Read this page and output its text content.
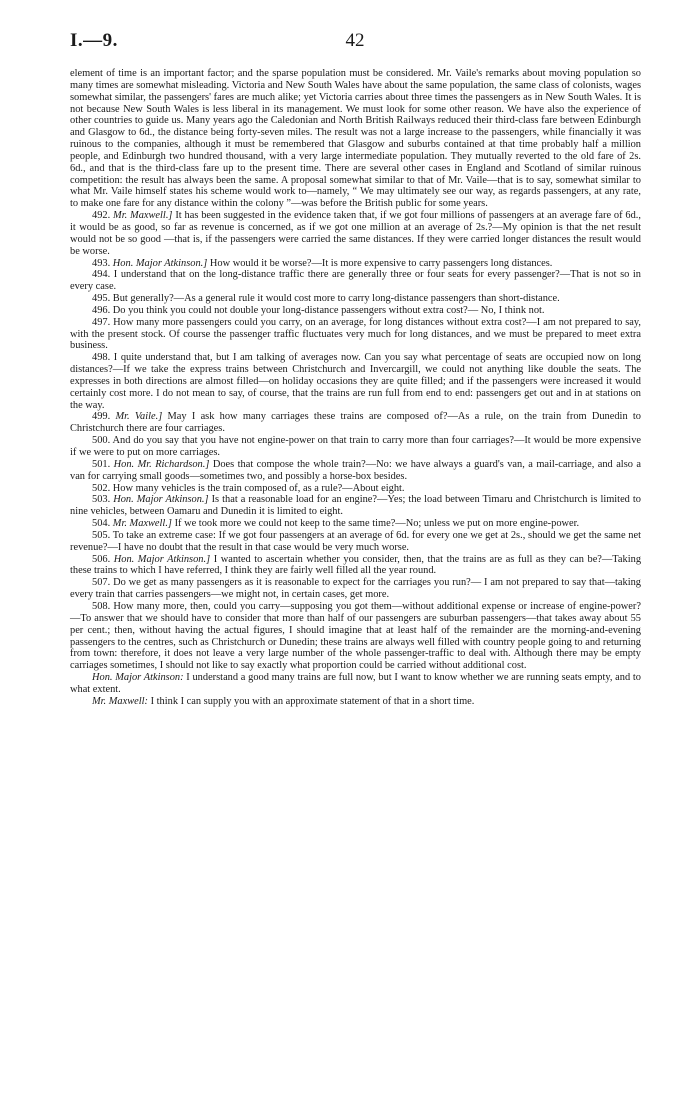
I.—9.	42

element of time is an important factor; and the sparse population must be considered. Mr. Vaile's remarks about moving population so many times are somewhat misleading. Victoria and New South Wales have about the same population, the same class of colonists, wages somewhat similar, the passengers' fares are much alike; yet Victoria carries about three times the passengers as in New South Wales. It is not because New South Wales is less liberal in its management. We must look for some other reason. We have also the experience of other countries to guide us. Many years ago the Caledonian and North British Railways reduced their third-class fare between Edinburgh and Glasgow to 6d., the distance being forty-seven miles. The result was not a large increase to the passengers, while financially it was ruinous to the companies, although it must be remembered that Glasgow and suburbs contained at that time probably half a million people, and Edinburgh two hundred thousand, with a very large intermediate population. They mutually reverted to the old fare of 2s. 6d., and that is the third-class fare up to the present time. There are several other cases in England and Scotland of similar ruinous competition: the result has always been the same. A proposal somewhat similar to that of Mr. Vaile—that is to say, somewhat similar to what Mr. Vaile himself states his scheme would work to—namely, “ We may ultimately see our way, as regards passengers, at any rate, to make one fare for any distance within the colony ”—was before the British public for some years.

492. Mr. Maxwell.] It has been suggested in the evidence taken that, if we got four millions of passengers at an average fare of 6d., it would be as good, so far as revenue is concerned, as if we got one million at an average of 2s.?—My opinion is that the net result would not be so good —that is, if the passengers were carried the same distances. If they were carried longer distances the result would be worse.

493. Hon. Major Atkinson.] How would it be worse?—It is more expensive to carry passengers long distances.

494. I understand that on the long-distance traffic there are generally three or four seats for every passenger?—That is not so in every case.

495. But generally?—As a general rule it would cost more to carry long-distance passengers than short-distance.

496. Do you think you could not double your long-distance passengers without extra cost?— No, I think not.

497. How many more passengers could you carry, on an average, for long distances without extra cost?—I am not prepared to say, with the present stock. Of course the passenger traffic fluctuates very much for long distances, and we must be prepared to meet extra business.

498. I quite understand that, but I am talking of averages now. Can you say what percentage of seats are occupied now on long distances?—If we take the express trains between Christchurch and Invercargill, we could not anything like double the seats. The expresses in both directions are almost filled—on holiday occasions they are quite filled; and if the passengers were increased it would certainly cost more. I do not mean to say, of course, that the trains are run full from end to end: passengers get out and in at stations on the way.

499. Mr. Vaile.] May I ask how many carriages these trains are composed of?—As a rule, on the train from Dunedin to Christchurch there are four carriages.

500. And do you say that you have not engine-power on that train to carry more than four carriages?—It would be more expensive if we were to put on more carriages.

501. Hon. Mr. Richardson.] Does that compose the whole train?—No: we have always a guard's van, a mail-carriage, and also a van for carrying small goods—sometimes two, and possibly a horse-box besides.

502. How many vehicles is the train composed of, as a rule?—About eight.

503. Hon. Major Atkinson.] Is that a reasonable load for an engine?—Yes; the load between Timaru and Christchurch is limited to nine vehicles, between Oamaru and Dunedin it is limited to eight.

504. Mr. Maxwell.] If we took more we could not keep to the same time?—No; unless we put on more engine-power.

505. To take an extreme case: If we got four passengers at an average of 6d. for every one we get at 2s., should we get the same net revenue?—I have no doubt that the result in that case would be very much worse.

506. Hon. Major Atkinson.] I wanted to ascertain whether you consider, then, that the trains are as full as they can be?—Taking these trains to which I have referred, I think they are fairly well filled all the year round.

507. Do we get as many passengers as it is reasonable to expect for the carriages you run?— I am not prepared to say that—taking every train that carries passengers—we might not, in certain cases, get more.

508. How many more, then, could you carry—supposing you got them—without additional expense or increase of engine-power?—To answer that we should have to consider that more than half of our passengers are suburban passengers—that takes away about 55 per cent.; then, without having the actual figures, I should imagine that at least half of the remainder are the morning-and-evening passengers to the centres, such as Christchurch or Dunedin; these trains are always well filled with country people going to and returning from town: therefore, it does not leave a very large number of the whole passenger-traffic to deal with. Although there may be empty carriages sometimes, I should not like to say exactly what proportion could be carried without additional cost.

Hon. Major Atkinson: I understand a good many trains are full now, but I want to know whether we are running seats empty, and to what extent.

Mr. Maxwell: I think I can supply you with an approximate statement of that in a short time.
